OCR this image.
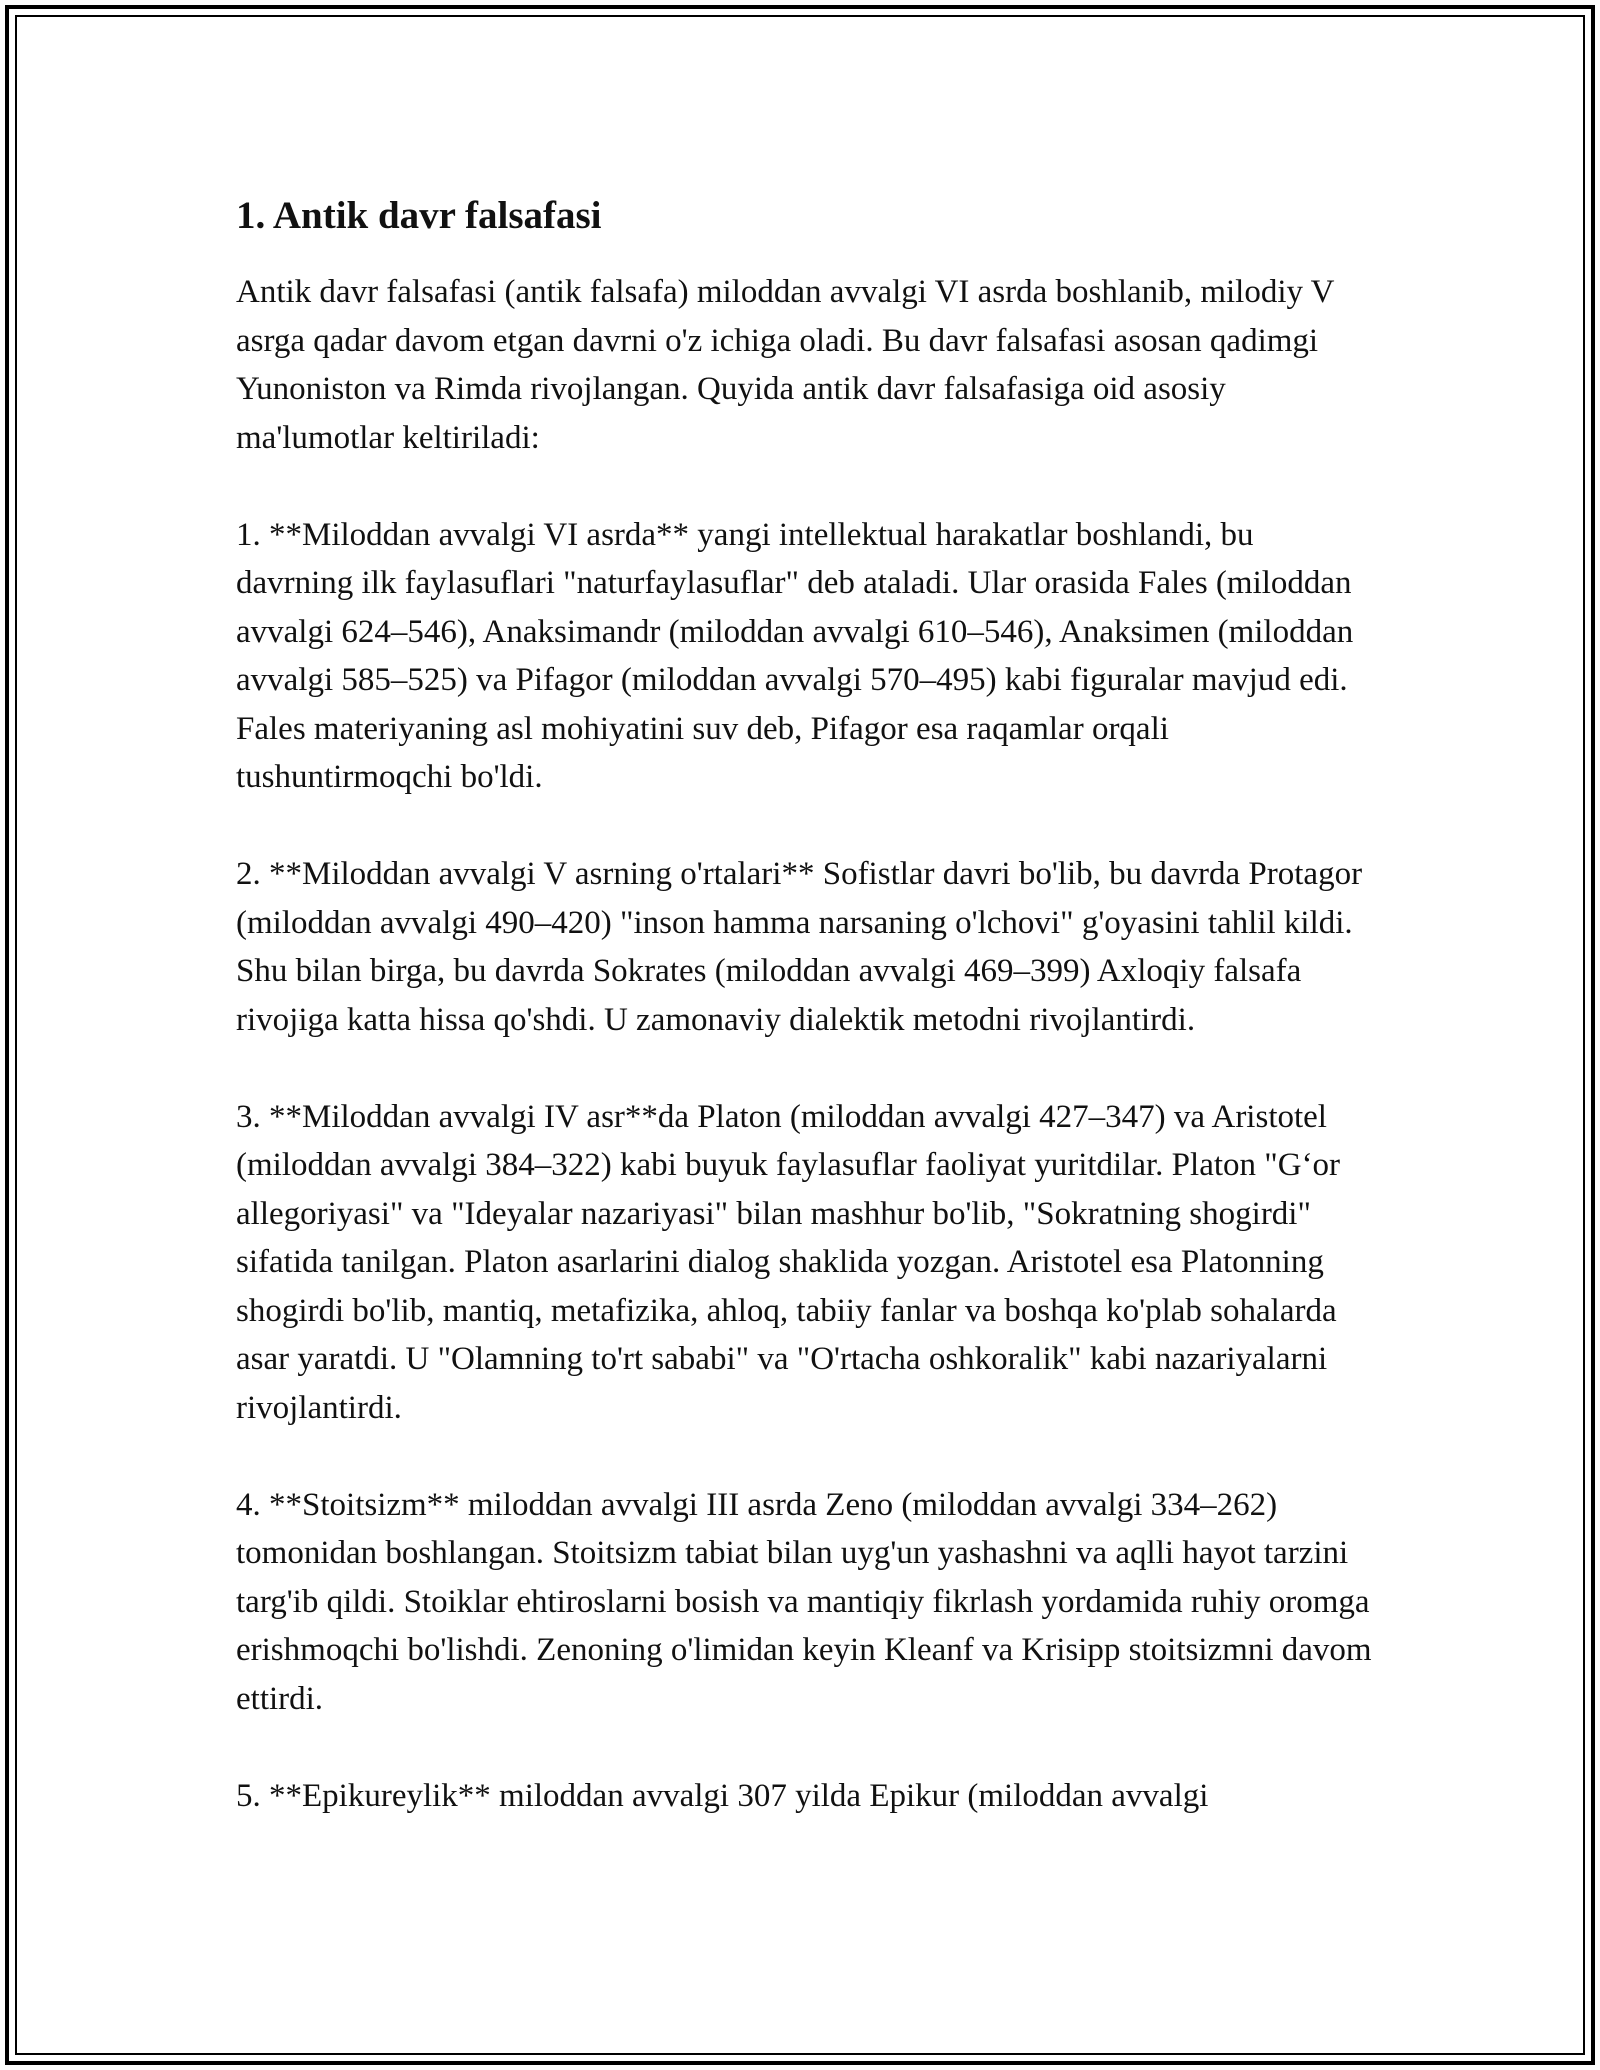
1. Antik davr falsafasi

Antik davr falsafasi (antik falsafa) miloddan avvalgi VI asrda boshlanib, milodiy V asrga qadar davom etgan davrni o'z ichiga oladi. Bu davr falsafasi asosan qadimgi Yunoniston va Rimda rivojlangan. Quyida antik davr falsafasiga oid asosiy ma'lumotlar keltiriladi:

1. **Miloddan avvalgi VI asrda** yangi intellektual harakatlar boshlandi, bu davrning ilk faylasuflari "naturfaylasuflar" deb ataladi. Ular orasida Fales (miloddan avvalgi 624–546), Anaksimandr (miloddan avvalgi 610–546), Anaksimen (miloddan avvalgi 585–525) va Pifagor (miloddan avvalgi 570–495) kabi figuralar mavjud edi. Fales materiyaning asl mohiyatini suv deb, Pifagor esa raqamlar orqali tushuntirmoqchi bo'ldi.

2. **Miloddan avvalgi V asrning o'rtalari** Sofistlar davri bo'lib, bu davrda Protagor (miloddan avvalgi 490–420) "inson hamma narsaning o'lchovi" g'oyasini tahlil kildi. Shu bilan birga, bu davrda Sokrates (miloddan avvalgi 469–399) Axloqiy falsafa rivojiga katta hissa qo'shdi. U zamonaviy dialektik metodni rivojlantirdi.

3. **Miloddan avvalgi IV asr**da Platon (miloddan avvalgi 427–347) va Aristotel (miloddan avvalgi 384–322) kabi buyuk faylasuflar faoliyat yuritdilar. Platon "G‘or allegoriyasi" va "Ideyalar nazariyasi" bilan mashhur bo'lib, "Sokratning shogirdi" sifatida tanilgan. Platon asarlarini dialog shaklida yozgan. Aristotel esa Platonning shogirdi bo'lib, mantiq, metafizika, ahloq, tabiiy fanlar va boshqa ko'plab sohalarda asar yaratdi. U "Olamning to'rt sababi" va "O'rtacha oshkoralik" kabi nazariyalarni rivojlantirdi.

4. **Stoitsizm** miloddan avvalgi III asrda Zeno (miloddan avvalgi 334–262) tomonidan boshlangan. Stoitsizm tabiat bilan uyg'un yashashni va aqlli hayot tarzini targ'ib qildi. Stoiklar ehtiroslarni bosish va mantiqiy fikrlash yordamida ruhiy oromga erishmoqchi bo'lishdi. Zenoning o'limidan keyin Kleanf va Krisipp stoitsizmni davom ettirdi.

5. **Epikureylik** miloddan avvalgi 307 yilda Epikur (miloddan avvalgi
